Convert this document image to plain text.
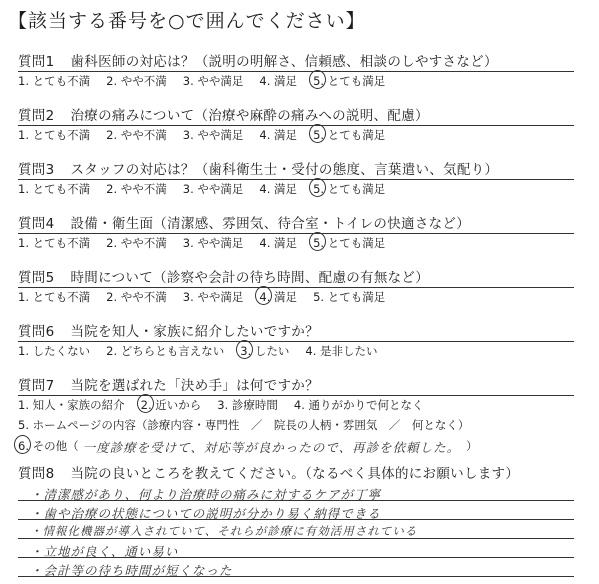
【該当する番号を○で囲んでください】
質問1 歯科医師の対応は？（説明の明解さ、信頼感、相談のしやすさなど）
1. とても不満 2. やや不満 3. やや満足 4. 満足 5. とても満足
質問2 治療の痛みについて（治療や麻酔の痛みへの説明、配慮）
1. とても不満 2. やや不満 3. やや満足 4. 満足 5. とても満足
質問3 スタッフの対応は？（歯科衛生士・受付の態度、言葉遣い、気配り）
1. とても不満 2. やや不満 3. やや満足 4. 満足 5. とても満足
質問4 設備・衛生面（清潔感、雰囲気、待合室・トイレの快適さなど）
1. とても不満 2. やや不満 3. やや満足 4. 満足 5. とても満足
質問5 時間について（診察や会計の待ち時間、配慮の有無など）
1. とても不満 2. やや不満 3. やや満足 4. 満足 5. とても満足
質問6 当院を知人・家族に紹介したいですか？
1. したくない 2. どちらとも言えない 3. したい 4. 是非したい
質問7 当院を選ばれた「決め手」は何ですか？
1. 知人・家族の紹介 2. 近いから 3. 診療時間 4. 通りがかりで何となく
5. ホームページの内容（診療内容・専門性　／　院長の人柄・雰囲気　／　何となく）
6. その他（ 一度診療を受けて、対応等が良かったので、再診を依頼した。 ）
質問8 当院の良いところを教えてください。（なるべく具体的にお願いします）
・清潔感があり、何より治療時の痛みに対するケアが丁寧
・歯や治療の状態についての説明が分かり易く納得できる
・情報化機器が導入されていて、それらが診療に有効活用されている
・立地が良く、通い易い
・会計等の待ち時間が短くなった
